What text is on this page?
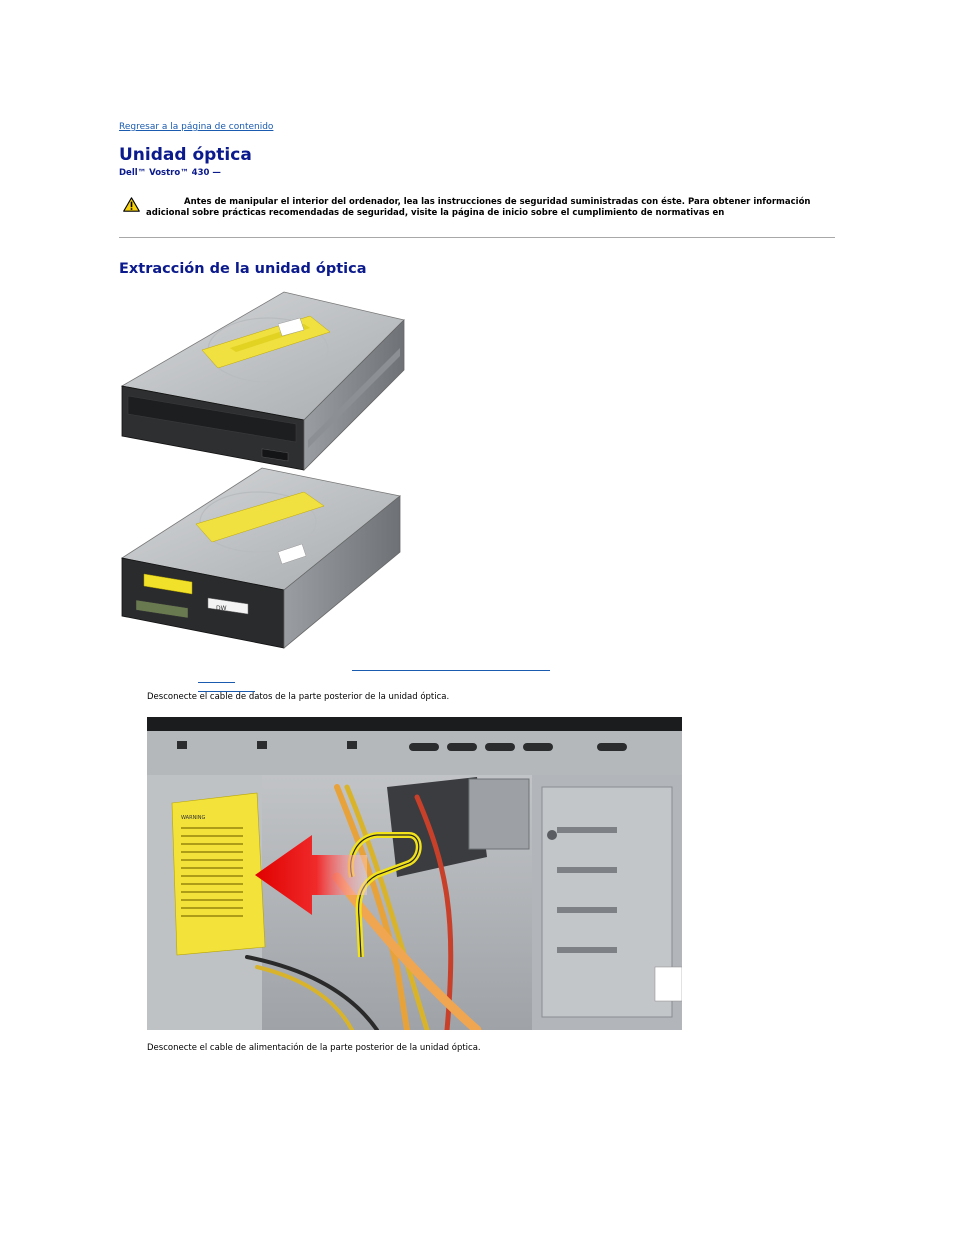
Regresar a la página de contenido
Unidad óptica
Dell™ Vostro™ 430 —
Antes de manipular el interior del ordenador, lea las instrucciones de seguridad suministradas con éste. Para obtener información
adicional sobre prácticas recomendadas de seguridad, visite la página de inicio sobre el cumplimiento de normativas en
Extracción de la unidad óptica
DW
Desconecte el cable de datos de la parte posterior de la unidad óptica.
WARNING
Desconecte el cable de alimentación de la parte posterior de la unidad óptica.
